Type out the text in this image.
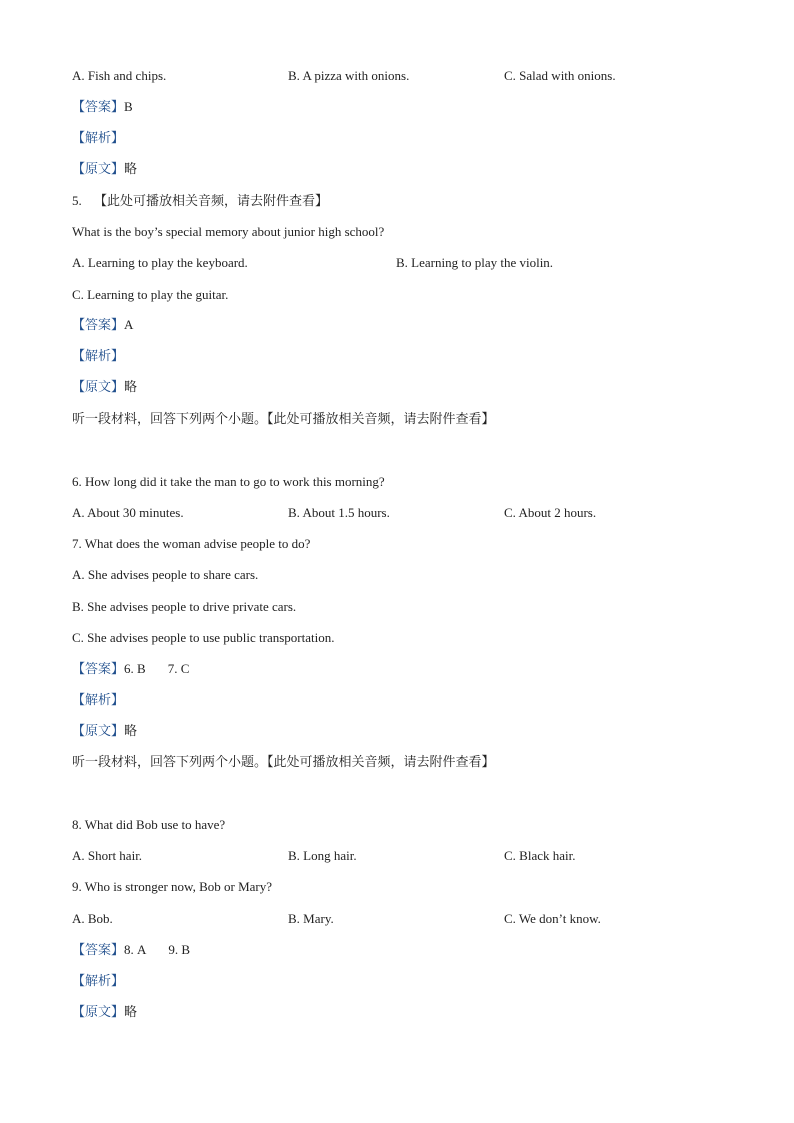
A. Fish and chips.	B. A pizza with onions.	C. Salad with onions.
【答案】B
【解析】
【原文】略
5. 【此处可播放相关音频，请去附件查看】
What is the boy’s special memory about junior high school?
A. Learning to play the keyboard.	B. Learning to play the violin.
C. Learning to play the guitar.
【答案】A
【解析】
【原文】略
听一段材料，回答下列两个小题。【此处可播放相关音频，请去附件查看】
6. How long did it take the man to go to work this morning?
A. About 30 minutes.	B. About 1.5 hours.	C. About 2 hours.
7. What does the woman advise people to do?
A. She advises people to share cars.
B. She advises people to drive private cars.
C. She advises people to use public transportation.
【答案】6. B 7. C
【解析】
【原文】略
听一段材料，回答下列两个小题。【此处可播放相关音频，请去附件查看】
8. What did Bob use to have?
A. Short hair.	B. Long hair.	C. Black hair.
9. Who is stronger now, Bob or Mary?
A. Bob.	B. Mary.	C. We don’t know.
【答案】8. A 9. B
【解析】
【原文】略
